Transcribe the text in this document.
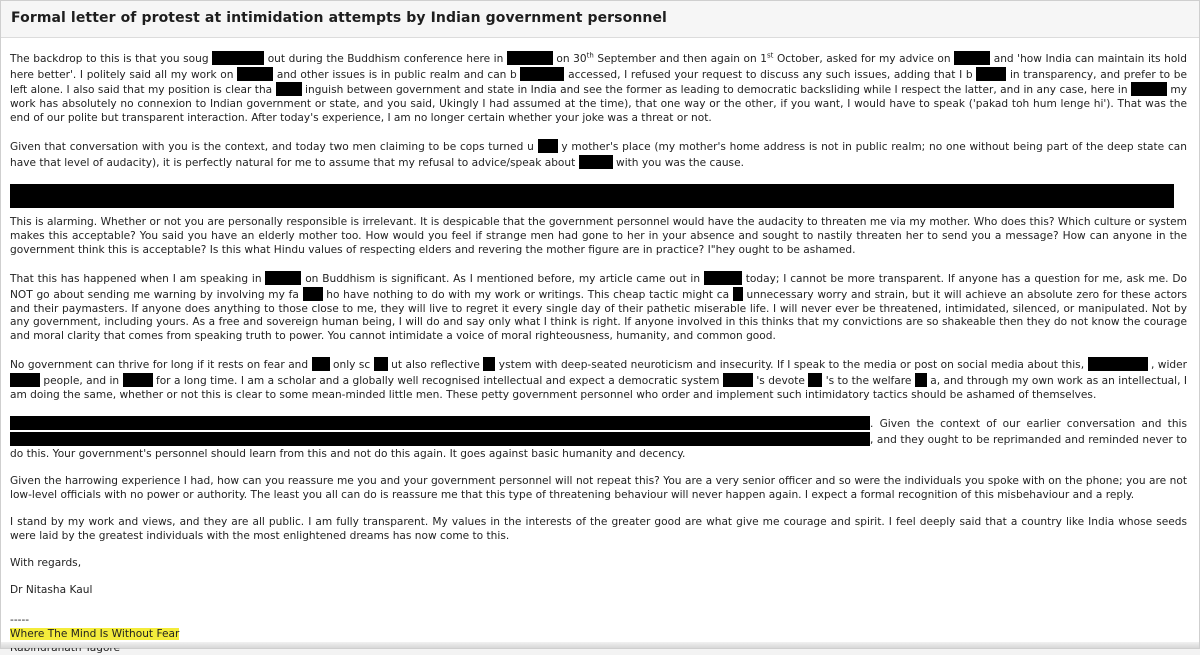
Formal letter of protest at intimidation attempts by Indian government personnel

The backdrop to this is that you soug	out during the Buddhism conference here in	on 30th September and then again on 1st October, asked for my advice on	and 'how India can maintain its hold here better'. I politely said all my work on	and other issues is in public realm and can b	accessed, I refused your request to discuss any such issues, adding that I b	in transparency, and prefer to be left alone. I also said that my position is clear tha	inguish between government and state in India and see the former as leading to democratic backsliding while I respect the latter, and in any case, here in	my work has absolutely no connexion to Indian government or state, and you said, Ukingly I had assumed at the time), that one way or the other, if you want, I would have to speak ('pakad toh hum lenge hi'). That was the end of our polite but transparent interaction. After today's experience, I am no longer certain whether your joke was a threat or not.

Given that conversation with you is the context, and today two men claiming to be cops turned u	y mother's place (my mother's home address is not in public realm; no one without being part of the deep state can have that level of audacity), it is perfectly natural for me to assume that my refusal to advice/speak about	with you was the cause.

This is alarming. Whether or not you are personally responsible is irrelevant. It is despicable that the government personnel would have the audacity to threaten me via my mother. Who does this? Which culture or system makes this acceptable? You said you have an elderly mother too. How would you feel if strange men had gone to her in your absence and sought to nastily threaten her to send you a message? How can anyone in the government think this is acceptable? Is this what Hindu values of respecting elders and revering the mother figure are in practice? I"hey ought to be ashamed.

That this has happened when I am speaking in	on Buddhism is significant. As I mentioned before, my article came out in	today; I cannot be more transparent. If anyone has a question for me, ask me. Do NOT go about sending me warning by involving my fa	ho have nothing to do with my work or writings. This cheap tactic might ca unnecessary worry and strain, but it will achieve an absolute zero for these actors and their paymasters. If anyone does anything to those close to me, they will live to regret it every single day of their pathetic miserable life. I will never ever be threatened, intimidated, silenced, or manipulated. Not by any government, including yours. As a free and sovereign human being, I will do and say only what I think is right. If anyone involved in this thinks that my convictions are so shakeable then they do not know the courage and moral clarity that comes from speaking truth to power. You cannot intimidate a voice of moral righteousness, humanity, and common good.

No government can thrive for long if it rests on fear and only sc ut also reflective ystem with deep-seated neuroticism and insecurity. If I speak to the media or post on social media about this,	, wider  people, and in	for a long time. I am a scholar and a globally well recognised intellectual and expect a democratic system	's devote 's to the welfare a, and through my own work as an intellectual, I am doing the same, whether or not this is clear to some mean-minded little men. These petty government personnel who order and implement such intimidatory tactics should be ashamed of themselves.

. Given the context of our earlier conversation and this , and they ought to be reprimanded and reminded never to do this. Your government's personnel should learn from this and not do this again. It goes against basic humanity and decency.

Given the harrowing experience I had, how can you reassure me you and your government personnel will not repeat this? You are a very senior officer and so were the individuals you spoke with on the phone; you are not low-level officials with no power or authority. The least you all can do is reassure me that this type of threatening behaviour will never happen again. I expect a formal recognition of this misbehaviour and a reply.

I stand by my work and views, and they are all public. I am fully transparent. My values in the interests of the greater good are what give me courage and spirit. I feel deeply said that a country like India whose seeds were laid by the greatest individuals with the most enlightened dreams has now come to this.

With regards,

Dr Nitasha Kaul

-----
Where The Mind Is Without Fear
